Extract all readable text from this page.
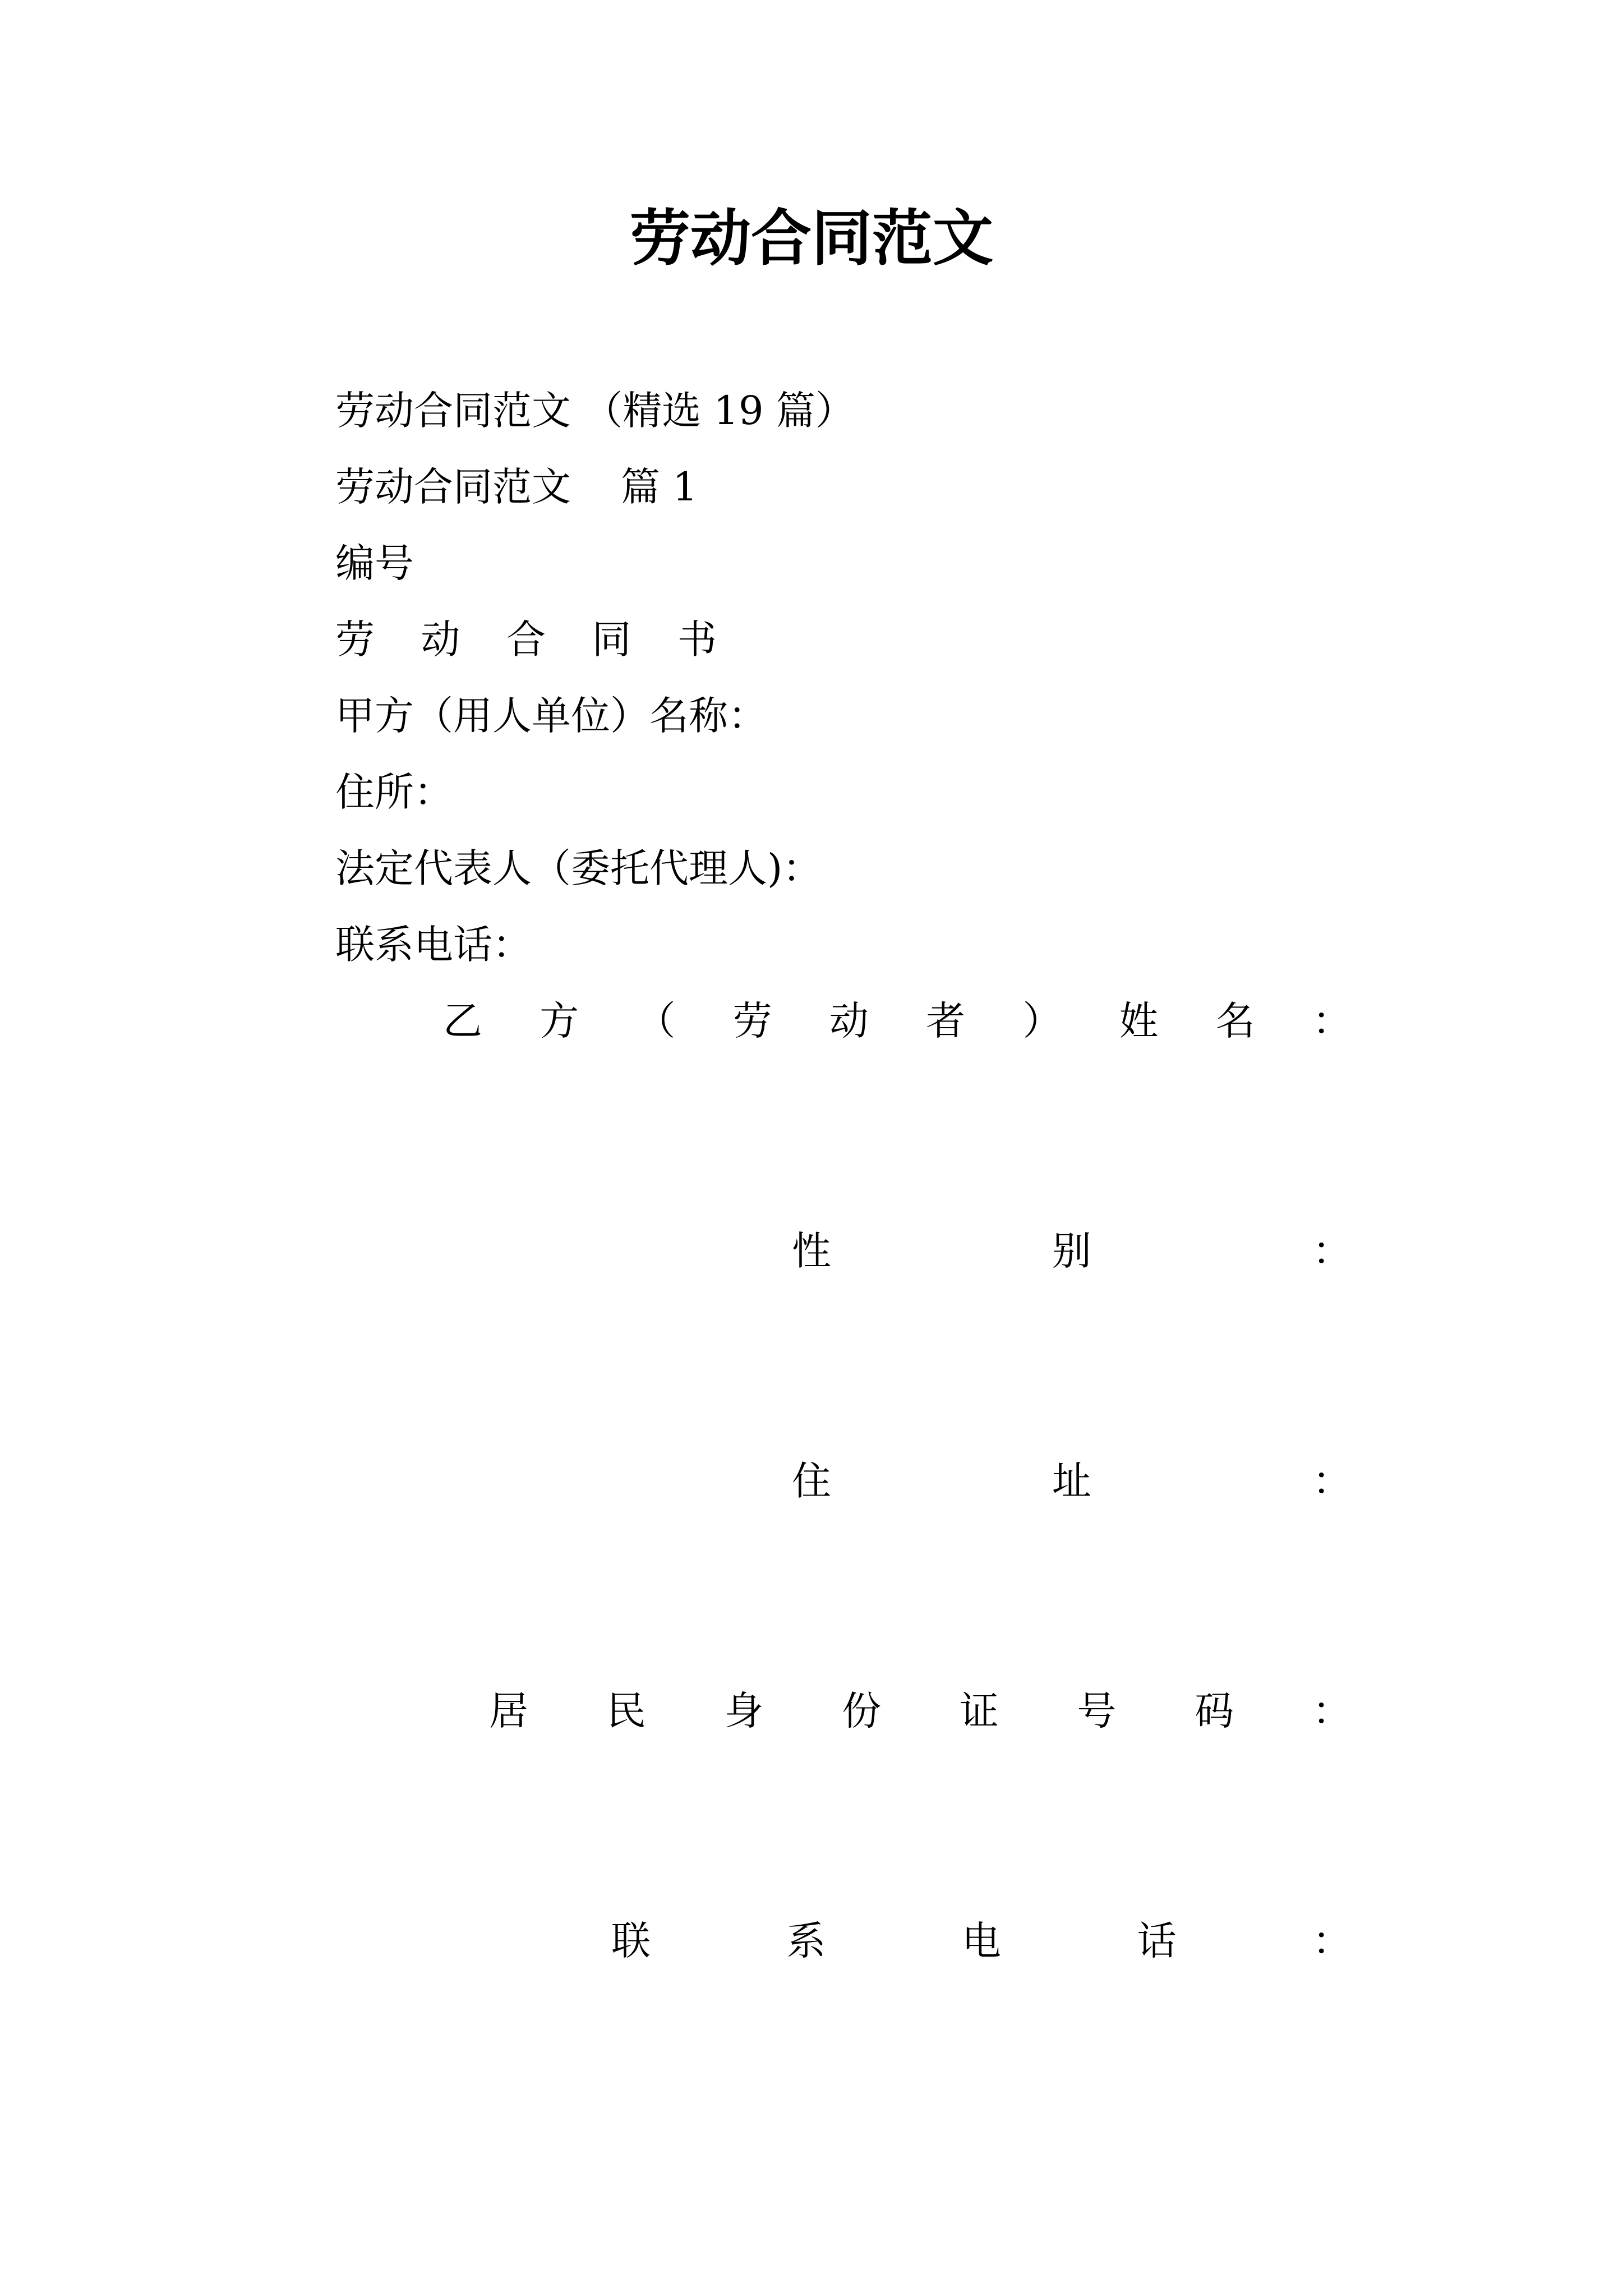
劳动合同范文

劳动合同范文 （精选 19 篇）

劳动合同范文    篇 1

编号

劳 动 合 同 书

甲方（用人单位）名称：

住所：

法定代表人（委托代理人)：

联系电话：

乙 方 （ 劳 动 者 ） 姓 名 ：
性	别	：
住	址	：
居 民 身 份 证 号 码 ：
联	系	电	话	：
